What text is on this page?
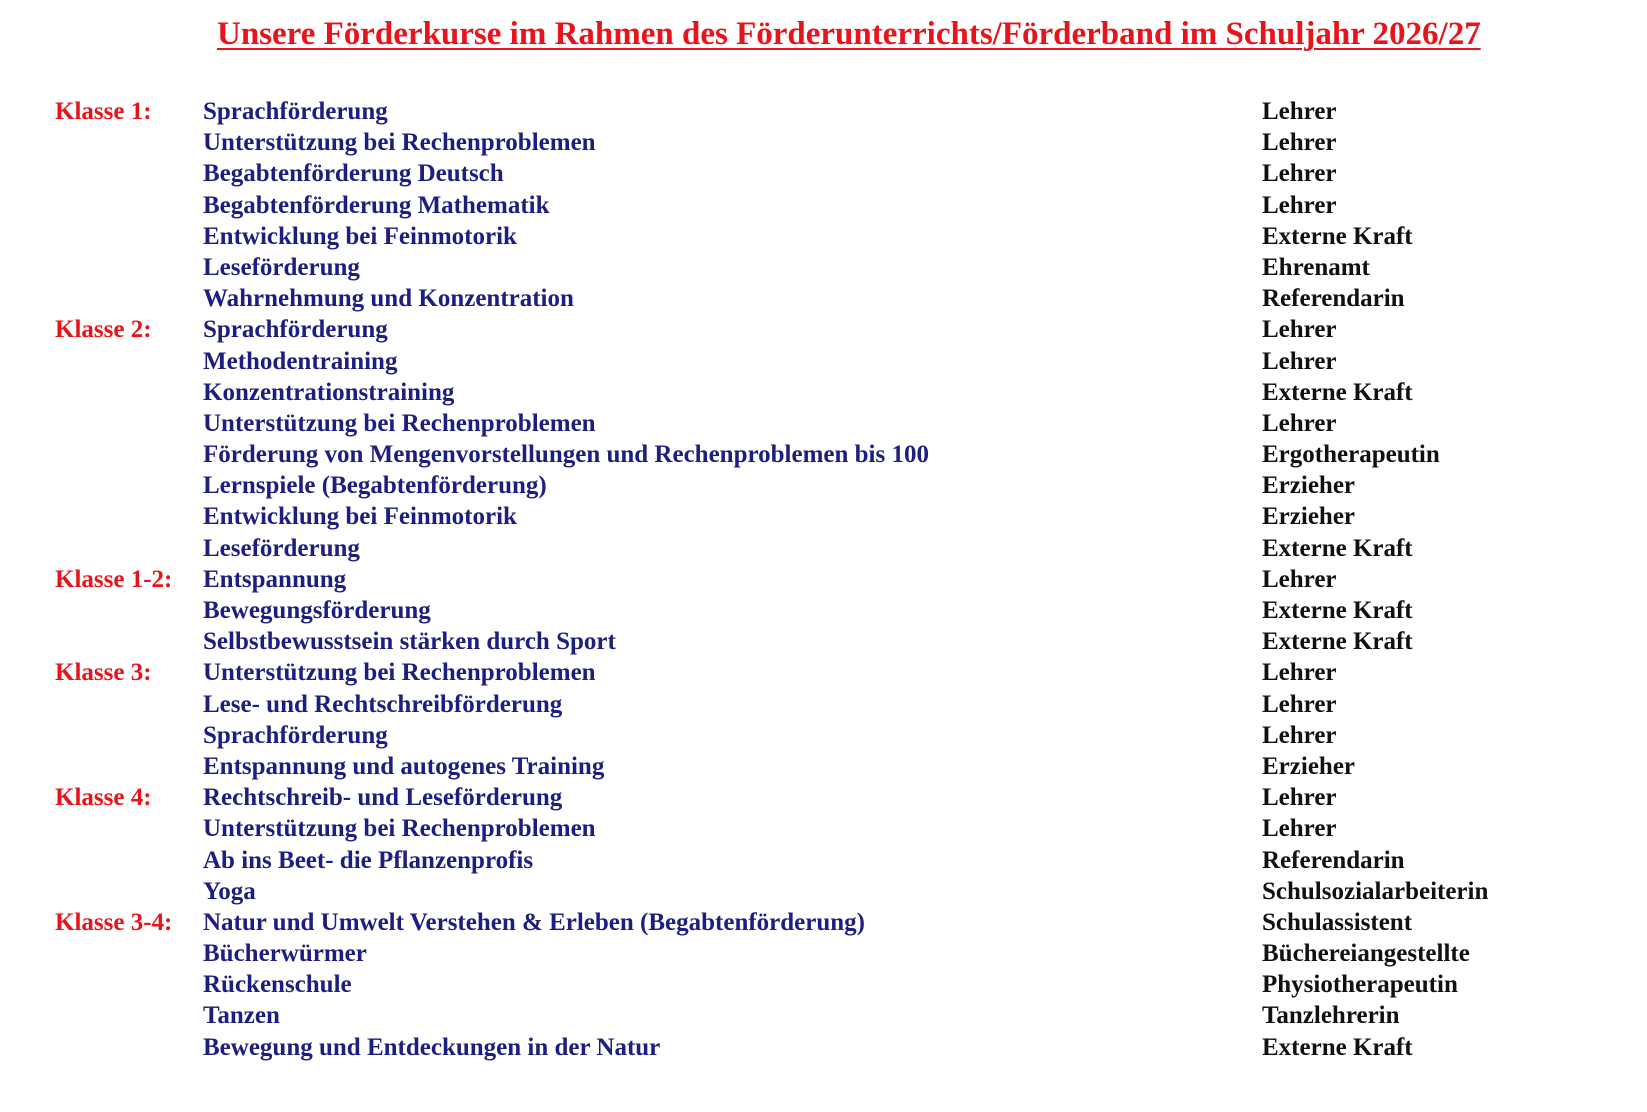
Unsere Förderkurse im Rahmen des Förderunterrichts/Förderband im Schuljahr 2026/27
Klasse 1: Sprachförderung	Lehrer
Unterstützung bei Rechenproblemen	Lehrer
Begabtenförderung Deutsch	Lehrer
Begabtenförderung Mathematik	Lehrer
Entwicklung bei Feinmotorik	Externe Kraft
Leseförderung	Ehrenamt
Wahrnehmung und Konzentration	Referendarin
Klasse 2: Sprachförderung	Lehrer
Methodentraining	Lehrer
Konzentrationstraining	Externe Kraft
Unterstützung bei Rechenproblemen	Lehrer
Förderung von Mengenvorstellungen und Rechenproblemen bis 100	Ergotherapeutin
Lernspiele (Begabtenförderung)	Erzieher
Entwicklung bei Feinmotorik	Erzieher
Leseförderung	Externe Kraft
Klasse 1-2: Entspannung	Lehrer
Bewegungsförderung	Externe Kraft
Selbstbewusstsein stärken durch Sport	Externe Kraft
Klasse 3: Unterstützung bei Rechenproblemen	Lehrer
Lese- und Rechtschreibförderung	Lehrer
Sprachförderung	Lehrer
Entspannung und autogenes Training	Erzieher
Klasse 4: Rechtschreib- und Leseförderung	Lehrer
Unterstützung bei Rechenproblemen	Lehrer
Ab ins Beet- die Pflanzenprofis	Referendarin
Yoga	Schulsozialarbeiterin
Klasse 3-4: Natur und Umwelt Verstehen & Erleben (Begabtenförderung)	Schulassistent
Bücherwürmer	Büchereiangestellte
Rückenschule	Physiotherapeutin
Tanzen	Tanzlehrerin
Bewegung und Entdeckungen in der Natur	Externe Kraft
